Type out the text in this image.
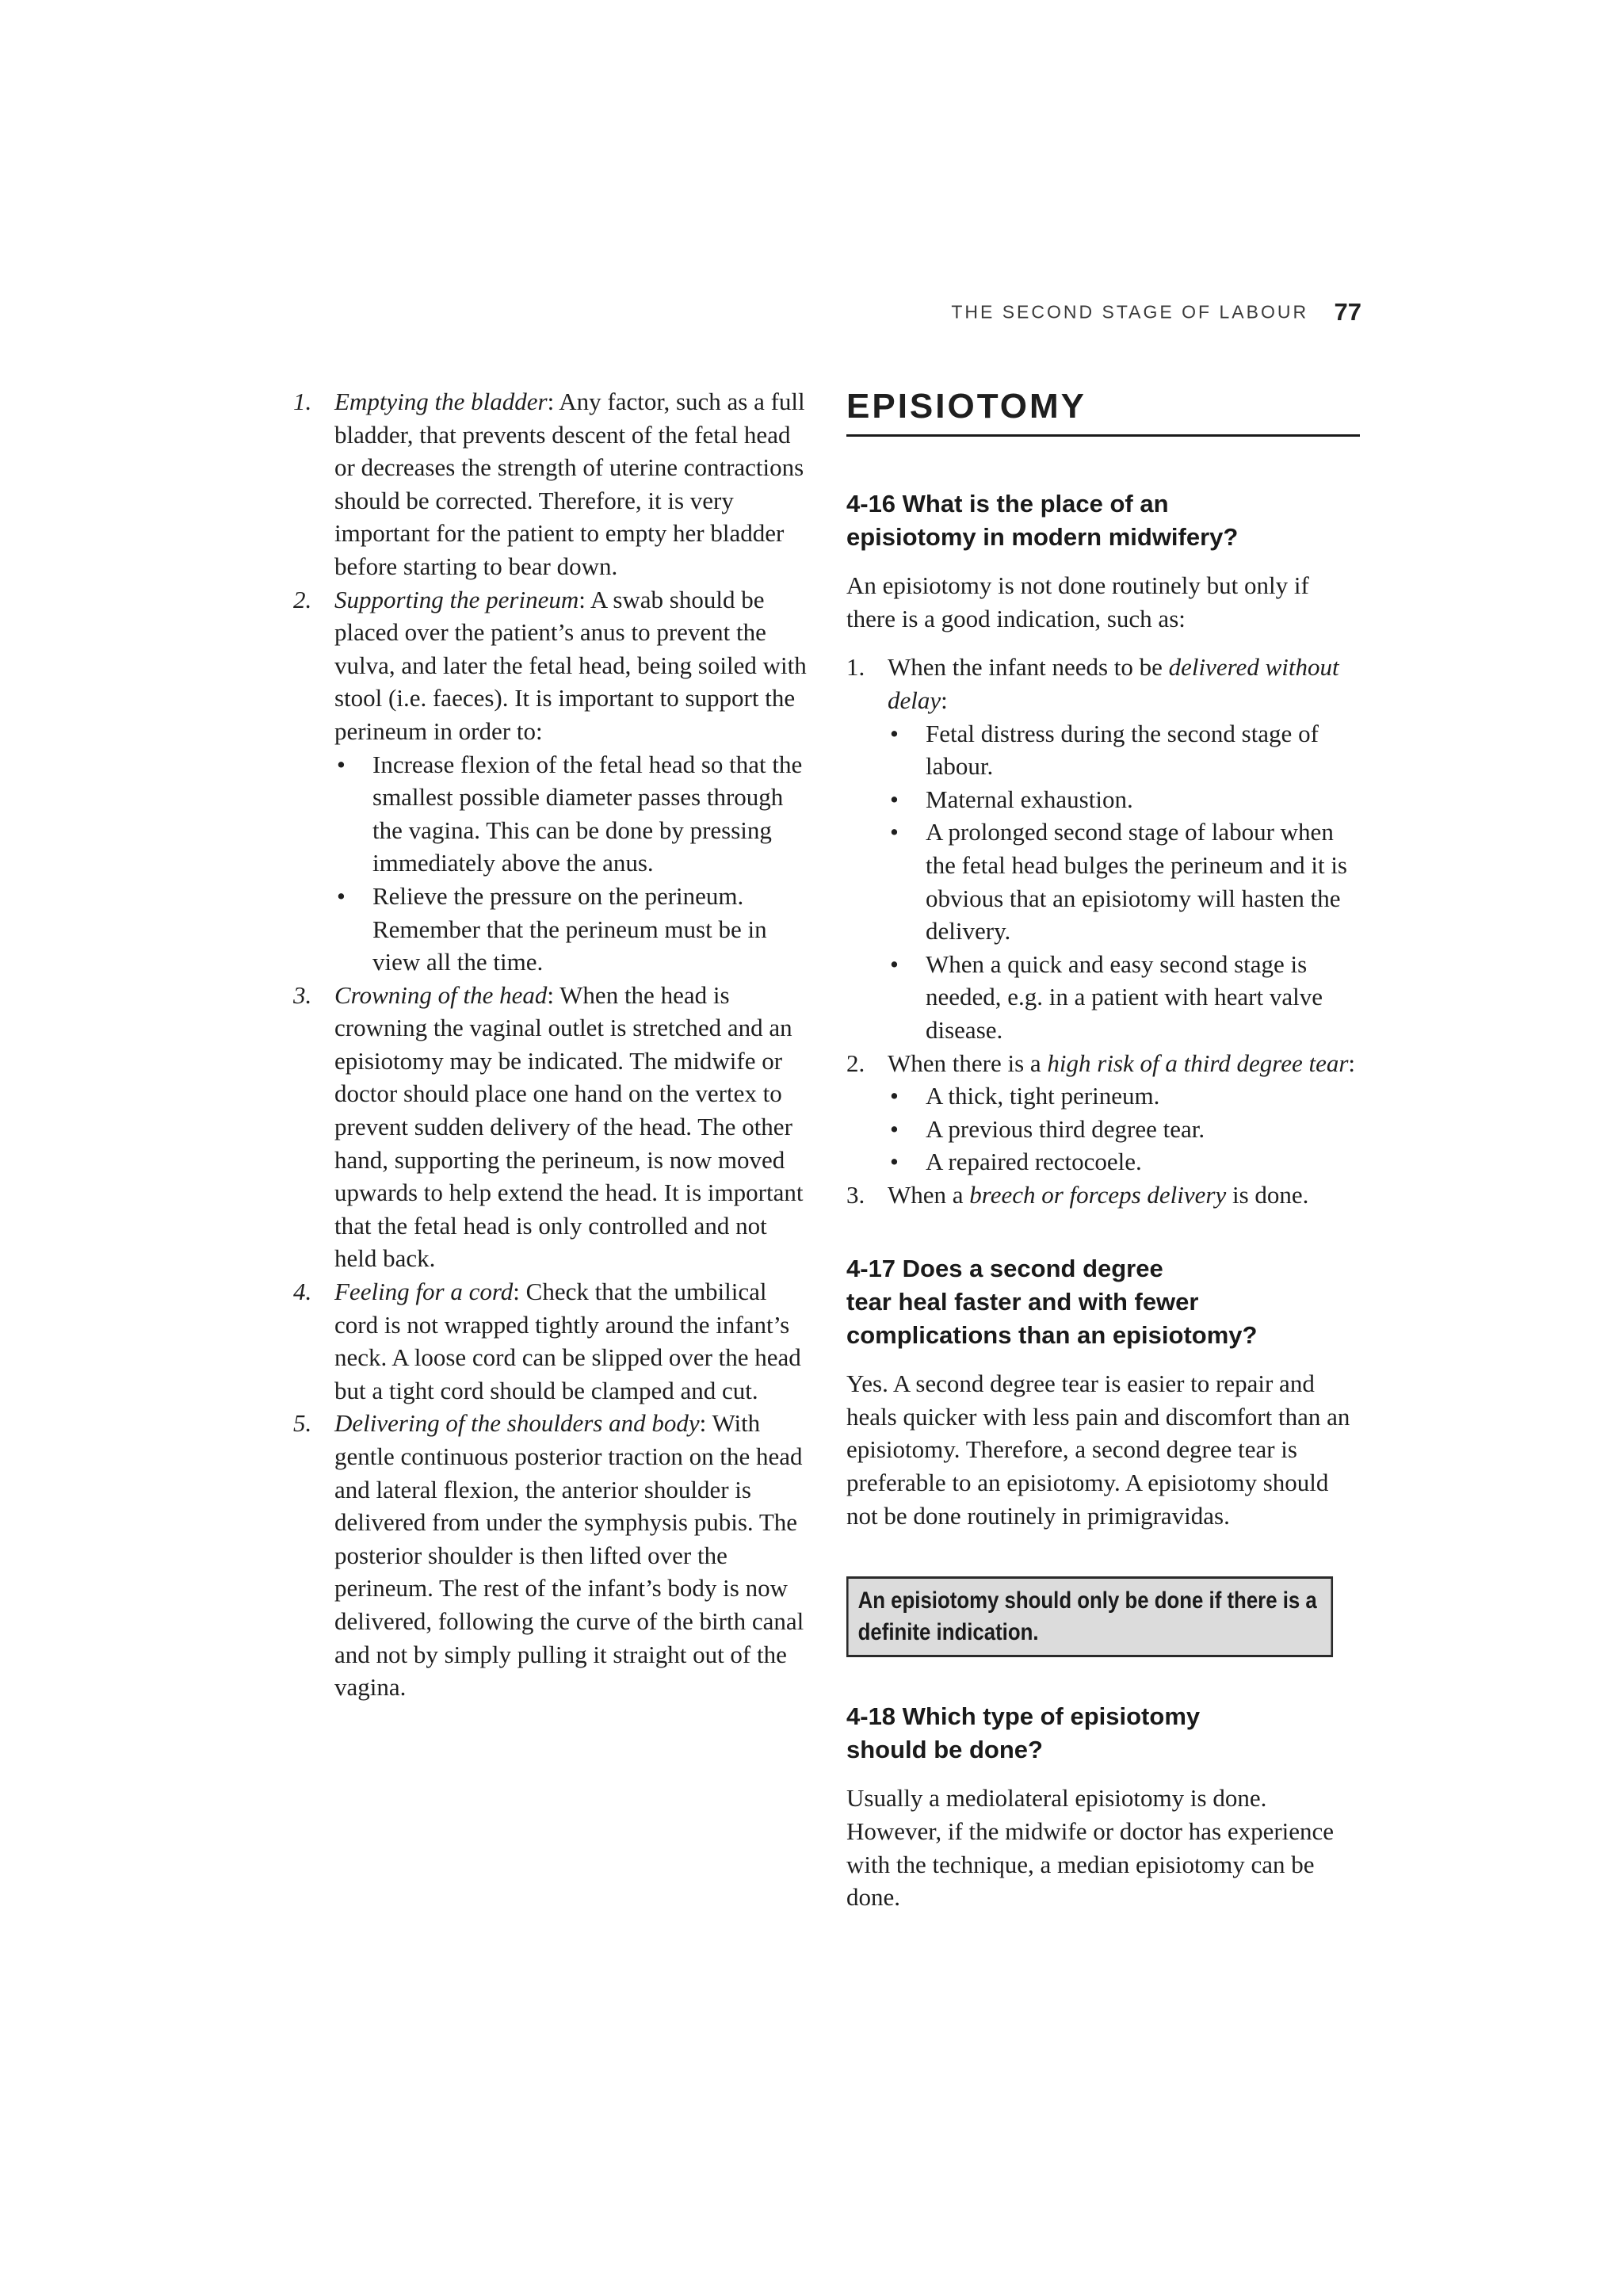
THE SECOND STAGE OF LABOUR 77
1. Emptying the bladder: Any factor, such as a full bladder, that prevents descent of the fetal head or decreases the strength of uterine contractions should be corrected. Therefore, it is very important for the patient to empty her bladder before starting to bear down.
2. Supporting the perineum: A swab should be placed over the patient’s anus to prevent the vulva, and later the fetal head, being soiled with stool (i.e. faeces). It is important to support the perineum in order to:
• Increase flexion of the fetal head so that the smallest possible diameter passes through the vagina. This can be done by pressing immediately above the anus.
• Relieve the pressure on the perineum. Remember that the perineum must be in view all the time.
3. Crowning of the head: When the head is crowning the vaginal outlet is stretched and an episiotomy may be indicated. The midwife or doctor should place one hand on the vertex to prevent sudden delivery of the head. The other hand, supporting the perineum, is now moved upwards to help extend the head. It is important that the fetal head is only controlled and not held back.
4. Feeling for a cord: Check that the umbilical cord is not wrapped tightly around the infant’s neck. A loose cord can be slipped over the head but a tight cord should be clamped and cut.
5. Delivering of the shoulders and body: With gentle continuous posterior traction on the head and lateral flexion, the anterior shoulder is delivered from under the symphysis pubis. The posterior shoulder is then lifted over the perineum. The rest of the infant’s body is now delivered, following the curve of the birth canal and not by simply pulling it straight out of the vagina.
EPISIOTOMY
4-16 What is the place of an
episiotomy in modern midwifery?

An episiotomy is not done routinely but only if there is a good indication, such as:

1. When the infant needs to be delivered without delay:
• Fetal distress during the second stage of labour.
• Maternal exhaustion.
• A prolonged second stage of labour when the fetal head bulges the perineum and it is obvious that an episiotomy will hasten the delivery.
• When a quick and easy second stage is needed, e.g. in a patient with heart valve disease.
2. When there is a high risk of a third degree tear:
• A thick, tight perineum.
• A previous third degree tear.
• A repaired rectocoele.
3. When a breech or forceps delivery is done.
4-17 Does a second degree
tear heal faster and with fewer
complications than an episiotomy?

Yes. A second degree tear is easier to repair and heals quicker with less pain and discomfort than an episiotomy. Therefore, a second degree tear is preferable to an episiotomy. A episiotomy should not be done routinely in primigravidas.

An episiotomy should only be done if there is a
definite indication.
4-18 Which type of episiotomy
should be done?

Usually a mediolateral episiotomy is done. However, if the midwife or doctor has experience with the technique, a median episiotomy can be done.
